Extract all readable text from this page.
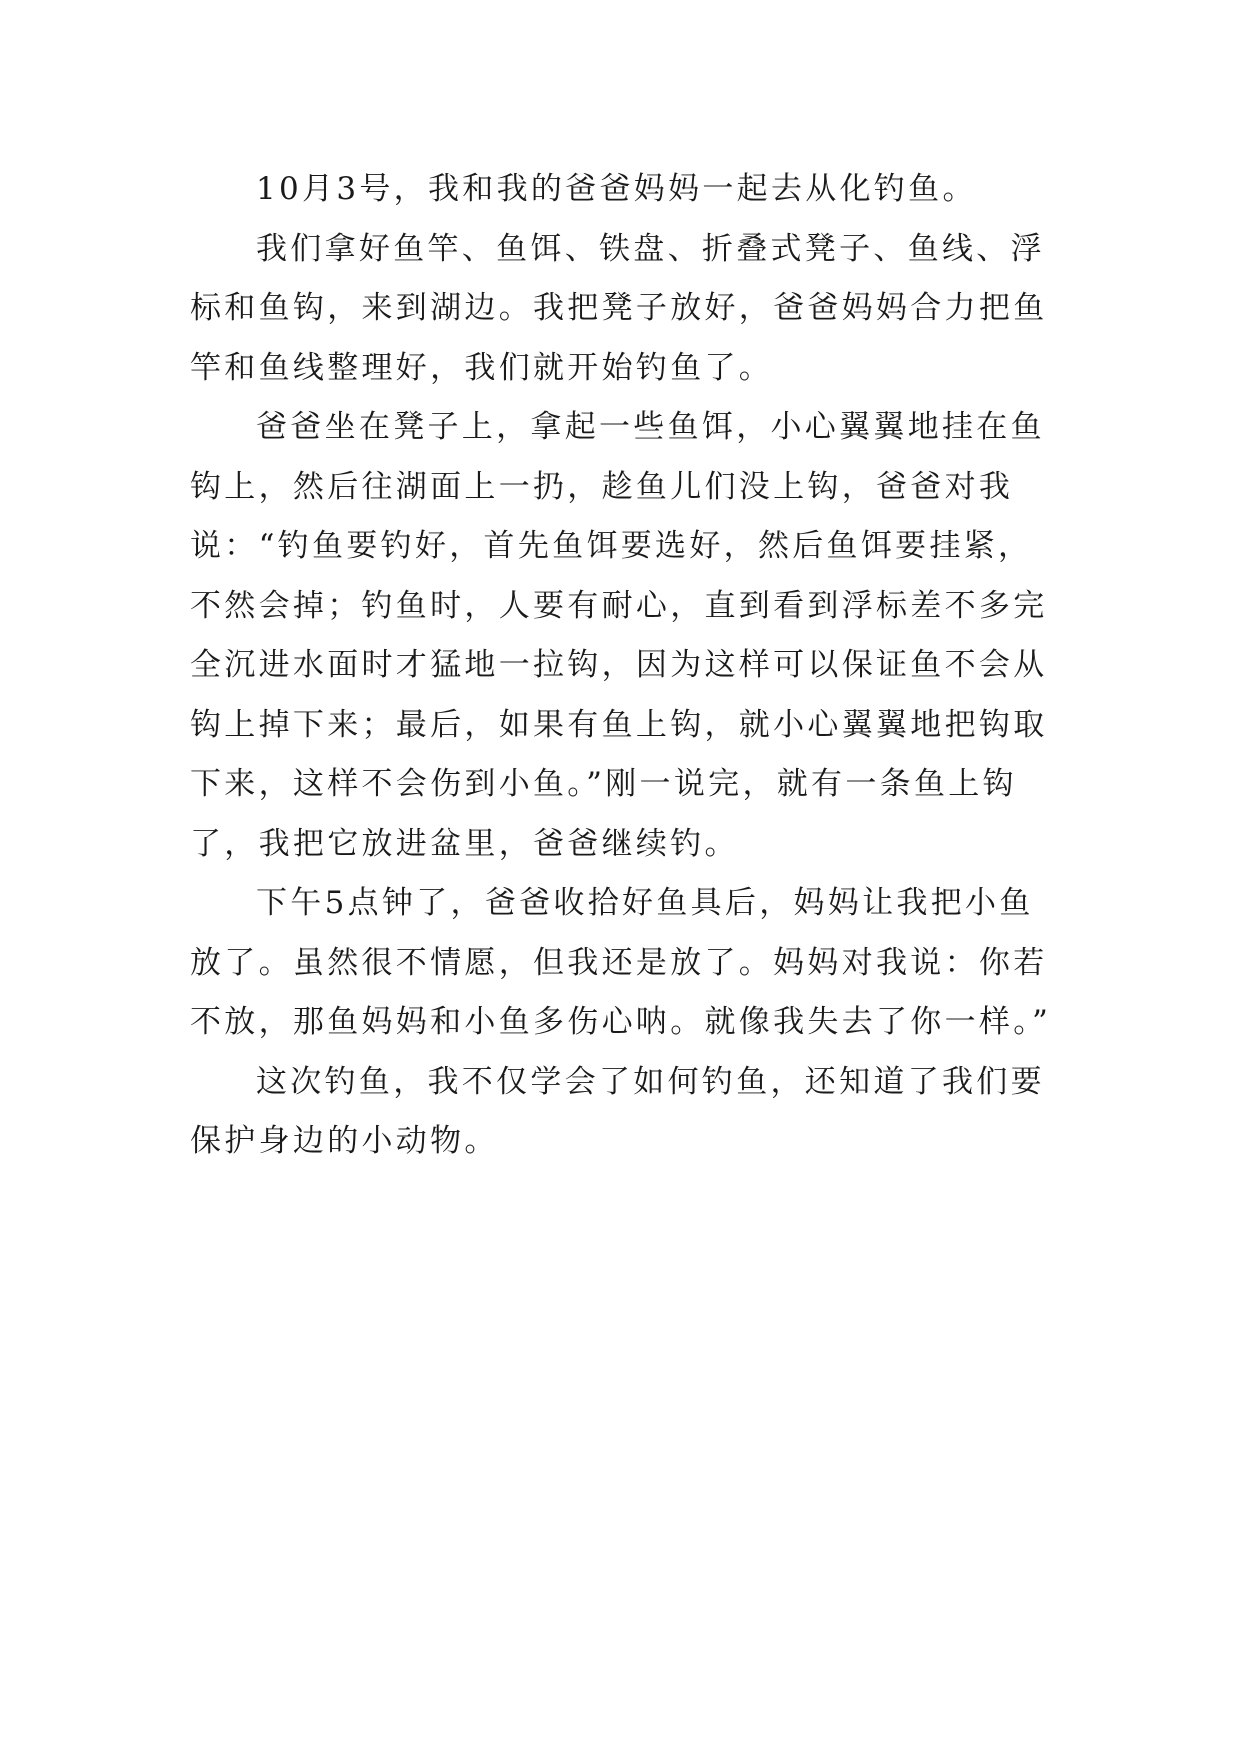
10月3号，我和我的爸爸妈妈一起去从化钓鱼。

我们拿好鱼竿、鱼饵、铁盘、折叠式凳子、鱼线、浮标和鱼钩，来到湖边。我把凳子放好，爸爸妈妈合力把鱼竿和鱼线整理好，我们就开始钓鱼了。

爸爸坐在凳子上，拿起一些鱼饵，小心翼翼地挂在鱼钩上，然后往湖面上一扔，趁鱼儿们没上钩，爸爸对我说：“钓鱼要钓好，首先鱼饵要选好，然后鱼饵要挂紧，不然会掉；钓鱼时，人要有耐心，直到看到浮标差不多完全沉进水面时才猛地一拉钩，因为这样可以保证鱼不会从钩上掉下来；最后，如果有鱼上钩，就小心翼翼地把钩取下来，这样不会伤到小鱼。”刚一说完，就有一条鱼上钩了，我把它放进盆里，爸爸继续钓。

下午5点钟了，爸爸收拾好鱼具后，妈妈让我把小鱼放了。虽然很不情愿，但我还是放了。妈妈对我说：你若不放，那鱼妈妈和小鱼多伤心呐。就像我失去了你一样。”

这次钓鱼，我不仅学会了如何钓鱼，还知道了我们要保护身边的小动物。
